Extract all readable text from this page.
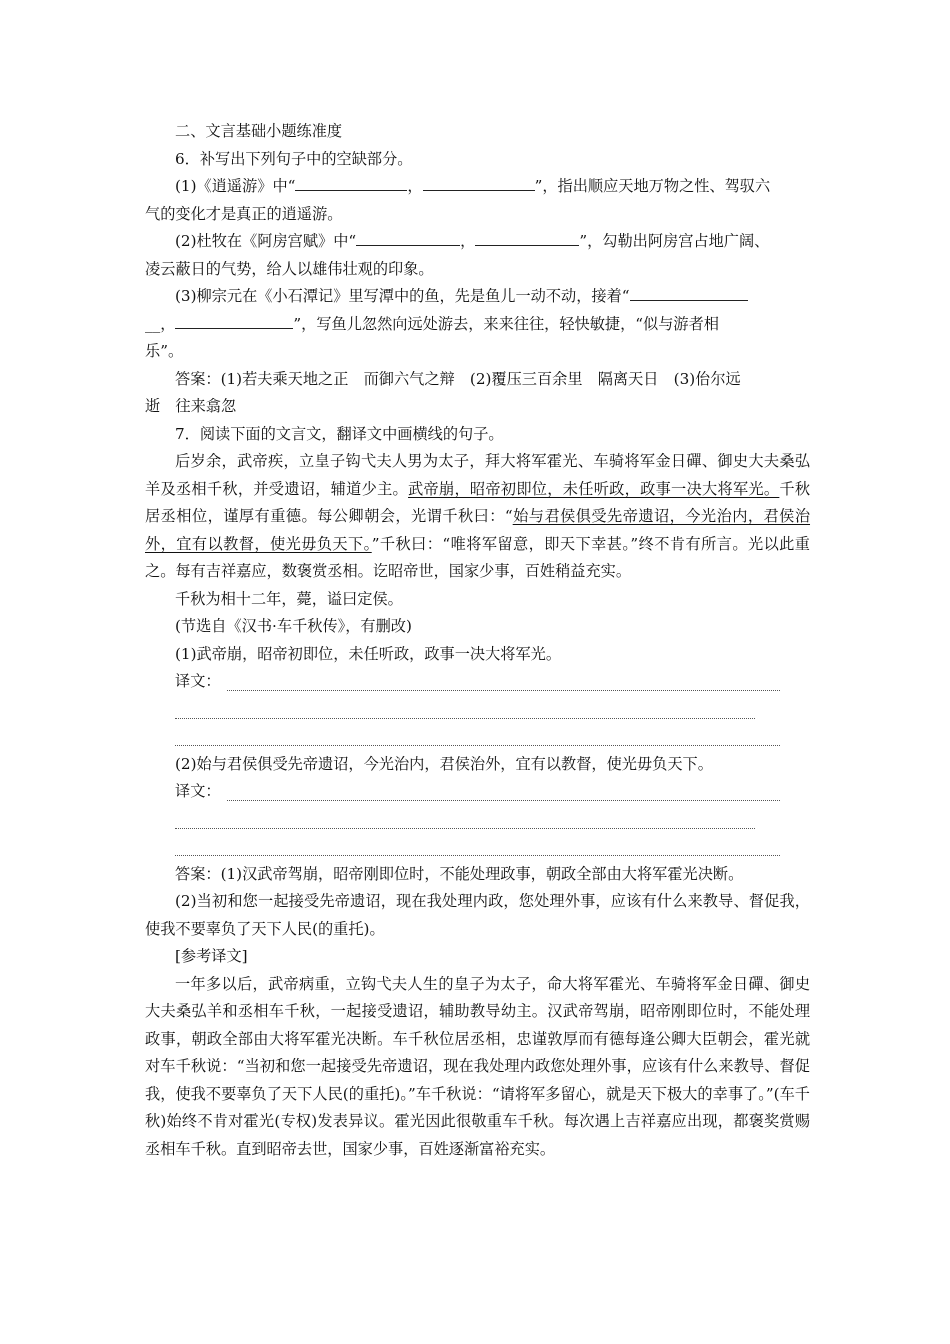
二、文言基础小题练准度

6．补写出下列句子中的空缺部分。

(1)《逍遥游》中“	，	”，指出顺应天地万物之性、驾驭六

气的变化才是真正的逍遥游。

(2)杜牧在《阿房宫赋》中“	，	”，勾勒出阿房宫占地广阔、

凌云蔽日的气势，给人以雄伟壮观的印象。

(3)柳宗元在《小石潭记》里写潭中的鱼，先是鱼儿一动不动，接着“

__，	”，写鱼儿忽然向远处游去，来来往往，轻快敏捷，“似与游者相

乐”。

答案：(1)若夫乘天地之正　而御六气之辩　(2)覆压三百余里　隔离天日　(3)佁尔远

逝　往来翕忽

7．阅读下面的文言文，翻译文中画横线的句子。

后岁余，武帝疾，立皇子钩弋夫人男为太子，拜大将军霍光、车骑将军金日磾、御史大夫桑弘羊及丞相千秋，并受遗诏，辅道少主。武帝崩，昭帝初即位，未任听政，政事一决大将军光。千秋居丞相位，谨厚有重德。每公卿朝会，光谓千秋曰：“始与君侯俱受先帝遗诏，今光治内，君侯治外，宜有以教督，使光毋负天下。”千秋曰：“唯将军留意，即天下幸甚。”终不肯有所言。光以此重之。每有吉祥嘉应，数褒赏丞相。讫昭帝世，国家少事，百姓稍益充实。

千秋为相十二年，薨，谥曰定侯。

(节选自《汉书·车千秋传》，有删改)

(1)武帝崩，昭帝初即位，未任听政，政事一决大将军光。

译文：

(2)始与君侯俱受先帝遗诏，今光治内，君侯治外，宜有以教督，使光毋负天下。

译文：

答案：(1)汉武帝驾崩，昭帝刚即位时，不能处理政事，朝政全部由大将军霍光决断。

(2)当初和您一起接受先帝遗诏，现在我处理内政，您处理外事，应该有什么来教导、督促我，使我不要辜负了天下人民(的重托)。

[参考译文]

一年多以后，武帝病重，立钩弋夫人生的皇子为太子，命大将军霍光、车骑将军金日磾、御史大夫桑弘羊和丞相车千秋，一起接受遗诏，辅助教导幼主。汉武帝驾崩，昭帝刚即位时，不能处理政事，朝政全部由大将军霍光决断。车千秋位居丞相，忠谨敦厚而有德每逢公卿大臣朝会，霍光就对车千秋说：“当初和您一起接受先帝遗诏，现在我处理内政您处理外事，应该有什么来教导、督促我，使我不要辜负了天下人民(的重托)。”车千秋说：“请将军多留心，就是天下极大的幸事了。”(车千秋)始终不肯对霍光(专权)发表异议。霍光因此很敬重车千秋。每次遇上吉祥嘉应出现，都褒奖赏赐丞相车千秋。直到昭帝去世，国家少事，百姓逐渐富裕充实。
